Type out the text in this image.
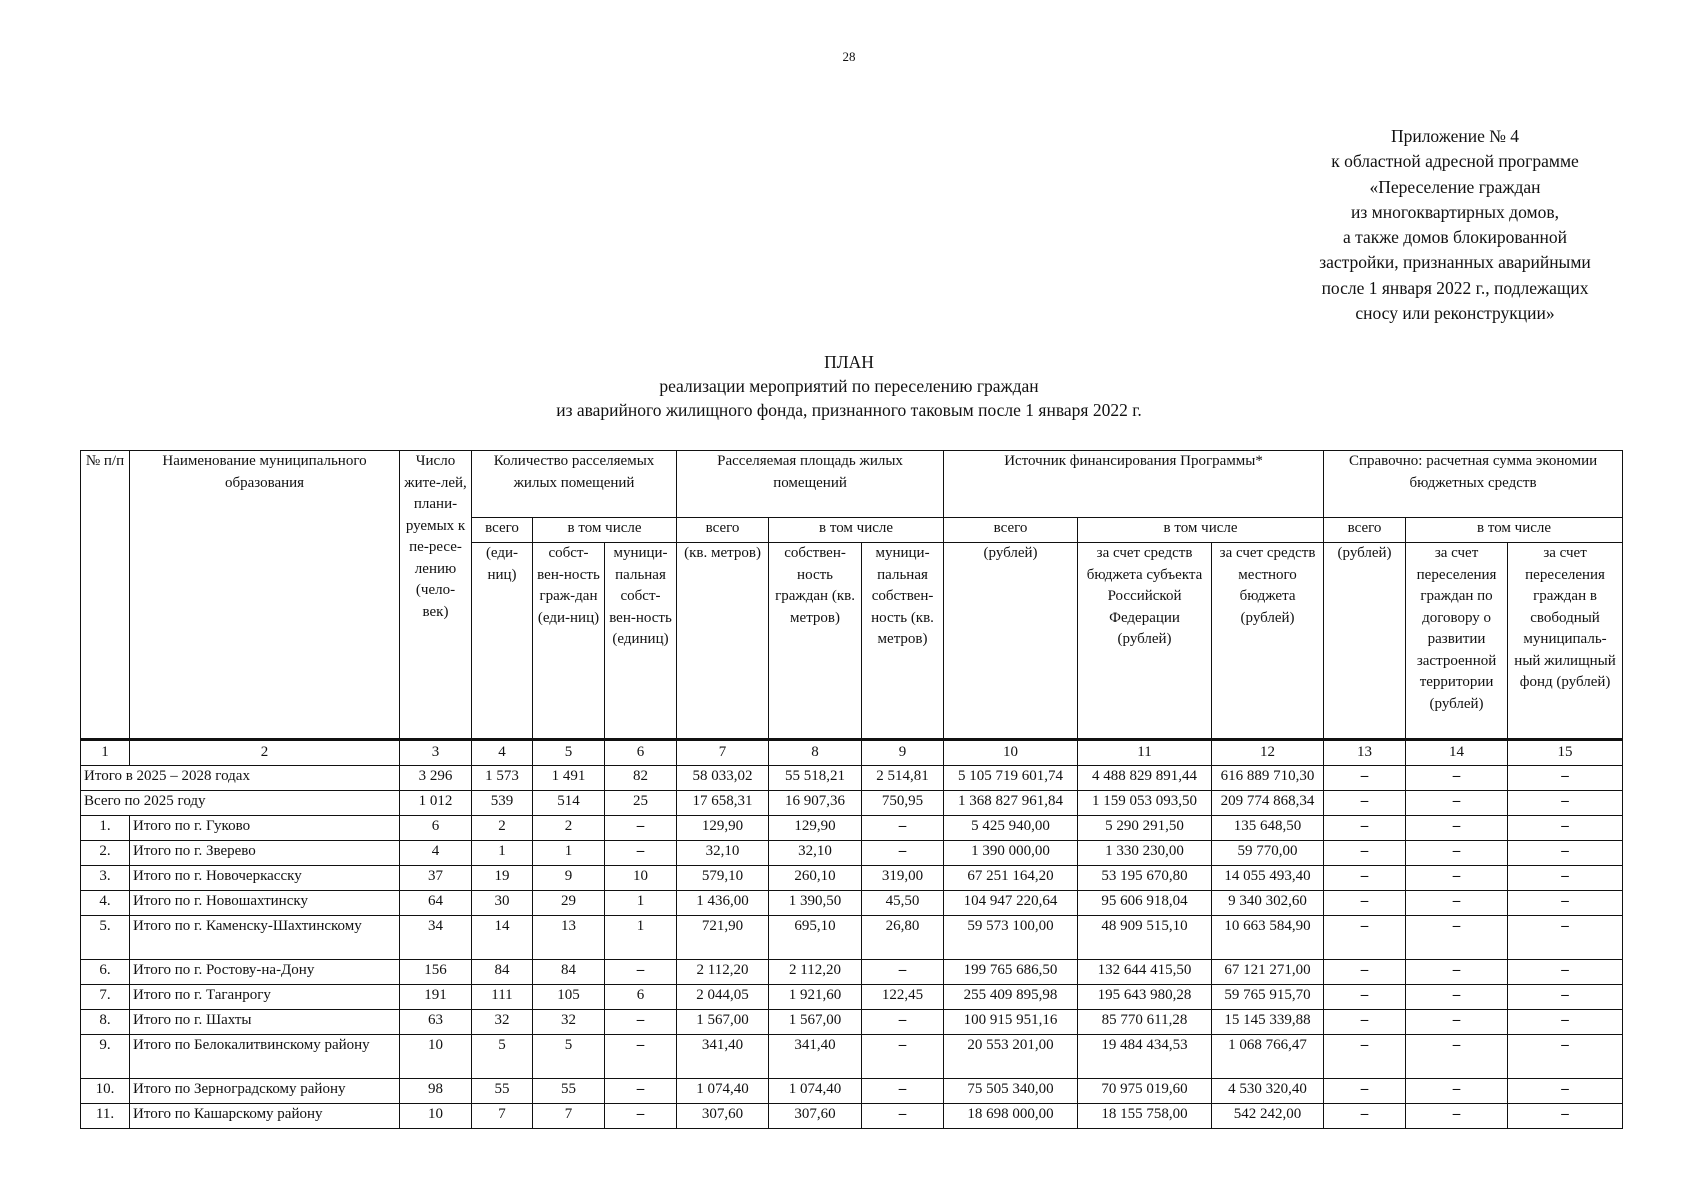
28
Приложение № 4
к областной адресной программе
«Переселение граждан
из многоквартирных домов,
а также домов блокированной
застройки, признанных аварийными
после 1 января 2022 г., подлежащих
сносу или реконструкции»
ПЛАН
реализации мероприятий по переселению граждан
из аварийного жилищного фонда, признанного таковым после 1 января 2022 г.
№ п/п	Наименование муниципального образования	Число жите-лей, плани-руемых к пе-ресе-лению (чело-век)	Количество расселяемых жилых помещений			Расселяемая площадь жилых помещений			Источник финансирования Программы*			Справочно: расчетная сумма экономии бюджетных средств		
			всего	в том числе		всего	в том числе		всего	в том числе		всего	в том числе	
			(еди-ниц)	собст-вен-ность граж-дан (еди-ниц)	муници-пальная собст-вен-ность (единиц)	(кв. метров)	собствен-ность граждан (кв. метров)	муници-пальная собствен-ность (кв. метров)	(рублей)	за счет средств бюджета субъекта Российской Федерации (рублей)	за счет средств местного бюджета (рублей)	(рублей)	за счет переселения граждан по договору о развитии застроенной территории (рублей)	за счет переселения граждан в свободный муниципаль-ный жилищный фонд (рублей)
1	2	3	4	5	6	7	8	9	10	11	12	13	14	15
Итого в 2025 – 2028 годах		3 296	1 573	1 491	82	58 033,02	55 518,21	2 514,81	5 105 719 601,74	4 488 829 891,44	616 889 710,30	–	–	–
Всего по 2025 году		1 012	539	514	25	17 658,31	16 907,36	750,95	1 368 827 961,84	1 159 053 093,50	209 774 868,34	–	–	–
1.	Итого по г. Гуково	6	2	2	–	129,90	129,90	–	5 425 940,00	5 290 291,50	135 648,50	–	–	–
2.	Итого по г. Зверево	4	1	1	–	32,10	32,10	–	1 390 000,00	1 330 230,00	59 770,00	–	–	–
3.	Итого по г. Новочеркасску	37	19	9	10	579,10	260,10	319,00	67 251 164,20	53 195 670,80	14 055 493,40	–	–	–
4.	Итого по г. Новошахтинску	64	30	29	1	1 436,00	1 390,50	45,50	104 947 220,64	95 606 918,04	9 340 302,60	–	–	–
5.	Итого по г. Каменску-Шахтинскому	34	14	13	1	721,90	695,10	26,80	59 573 100,00	48 909 515,10	10 663 584,90	–	–	–
6.	Итого по г. Ростову-на-Дону	156	84	84	–	2 112,20	2 112,20	–	199 765 686,50	132 644 415,50	67 121 271,00	–	–	–
7.	Итого по г. Таганрогу	191	111	105	6	2 044,05	1 921,60	122,45	255 409 895,98	195 643 980,28	59 765 915,70	–	–	–
8.	Итого по г. Шахты	63	32	32	–	1 567,00	1 567,00	–	100 915 951,16	85 770 611,28	15 145 339,88	–	–	–
9.	Итого по Белокалитвинскому району	10	5	5	–	341,40	341,40	–	20 553 201,00	19 484 434,53	1 068 766,47	–	–	–
10.	Итого по Зерноградскому району	98	55	55	–	1 074,40	1 074,40	–	75 505 340,00	70 975 019,60	4 530 320,40	–	–	–
11.	Итого по Кашарскому району	10	7	7	–	307,60	307,60	–	18 698 000,00	18 155 758,00	542 242,00	–	–	–
